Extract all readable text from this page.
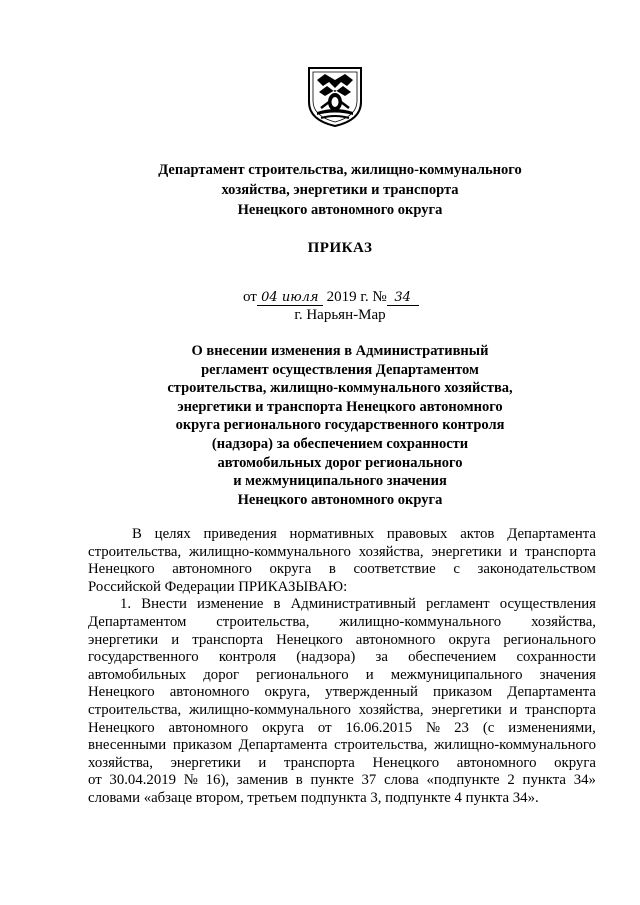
Департамент строительства, жилищно-коммунального
хозяйства, энергетики и транспорта
Ненецкого автономного округа
ПРИКАЗ
от 04 июля 2019 г. № 34
г. Нарьян-Мар
О внесении изменения в Административный
регламент осуществления Департаментом
строительства, жилищно-коммунального хозяйства,
энергетики и транспорта Ненецкого автономного
округа регионального государственного контроля
(надзора) за обеспечением сохранности
автомобильных дорог регионального
и межмуниципального значения
Ненецкого автономного округа
В целях приведения нормативных правовых актов Департамента
строительства, жилищно-коммунального хозяйства, энергетики и транспорта
Ненецкого автономного округа в соответствие с законодательством
Российской Федерации ПРИКАЗЫВАЮ:
1. Внести изменение в Административный регламент осуществления
Департаментом строительства, жилищно-коммунального хозяйства,
энергетики и транспорта Ненецкого автономного округа регионального
государственного контроля (надзора) за обеспечением сохранности
автомобильных дорог регионального и межмуниципального значения
Ненецкого автономного округа, утвержденный приказом Департамента
строительства, жилищно-коммунального хозяйства, энергетики и транспорта
Ненецкого автономного округа от 16.06.2015 № 23 (с изменениями,
внесенными приказом Департамента строительства, жилищно-коммунального
хозяйства, энергетики и транспорта Ненецкого автономного округа
от 30.04.2019 № 16), заменив в пункте 37 слова «подпункте 2 пункта 34»
словами «абзаце втором, третьем подпункта 3, подпункте 4 пункта 34».
